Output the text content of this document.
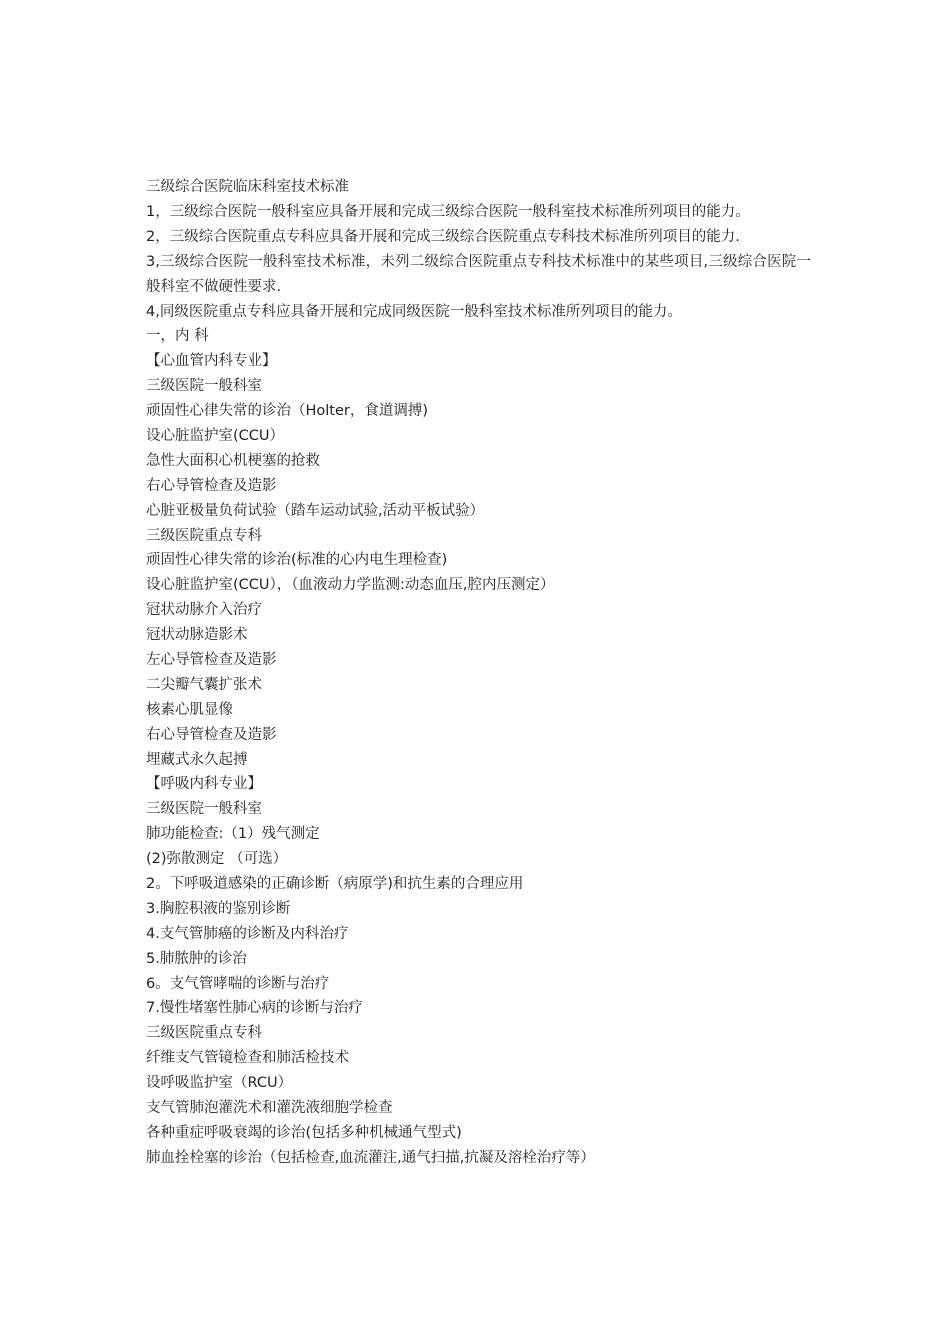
三级综合医院临床科室技术标准

1，三级综合医院一般科室应具备开展和完成三级综合医院一般科室技术标准所列项目的能力。

2，三级综合医院重点专科应具备开展和完成三级综合医院重点专科技术标准所列项目的能力.

3,三级综合医院一般科室技术标准，未列二级综合医院重点专科技术标准中的某些项目,三级综合医院一般科室不做硬性要求.

4,同级医院重点专科应具备开展和完成同级医院一般科室技术标准所列项目的能力。

一，内 科

【心血管内科专业】

三级医院一般科室

顽固性心律失常的诊治（Holter，食道调搏)

设心脏监护室(CCU）

急性大面积心机梗塞的抢救

右心导管检查及造影

心脏亚极量负荷试验（踏车运动试验,活动平板试验）

三级医院重点专科

顽固性心律失常的诊治(标准的心内电生理检查)

设心脏监护室(CCU），（血液动力学监测:动态血压,腔内压测定）

冠状动脉介入治疗

冠状动脉造影术

左心导管检查及造影

二尖瓣气囊扩张术

核素心肌显像

右心导管检查及造影

埋藏式永久起搏

【呼吸内科专业】

三级医院一般科室

肺功能检查:（1）残气测定

(2)弥散测定 （可选）

2。下呼吸道感染的正确诊断（病原学)和抗生素的合理应用

3.胸腔积液的鉴别诊断

4.支气管肺癌的诊断及内科治疗

5.肺脓肿的诊治

6。支气管哮喘的诊断与治疗

7.慢性堵塞性肺心病的诊断与治疗

三级医院重点专科

纤维支气管镜检查和肺活检技术

设呼吸监护室（RCU）

支气管肺泡灌洗术和灌洗液细胞学检查

各种重症呼吸衰竭的诊治(包括多种机械通气型式)

肺血拴栓塞的诊治（包括检查,血流灌注,通气扫描,抗凝及溶栓治疗等）
